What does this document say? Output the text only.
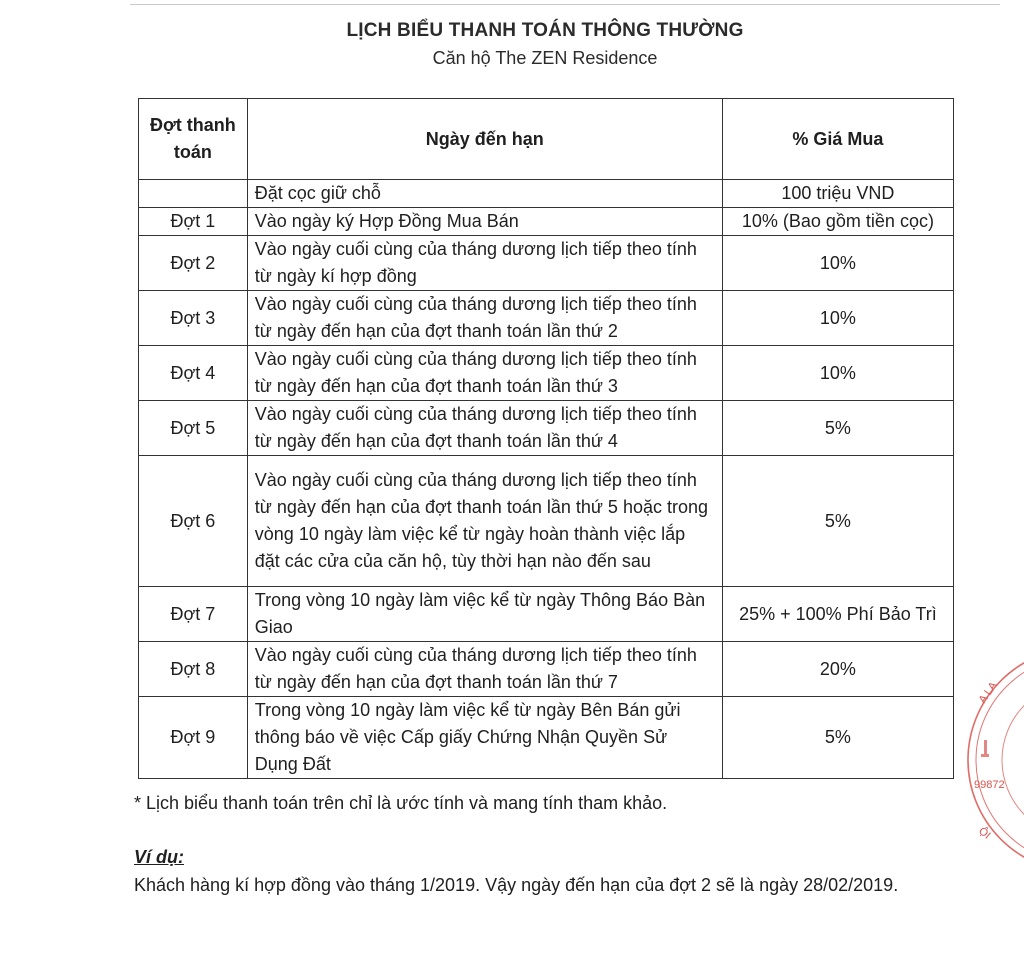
LỊCH BIỂU THANH TOÁN THÔNG THƯỜNG
Căn hộ The ZEN Residence
Đợt thanh toán	Ngày đến hạn	% Giá Mua
	Đặt cọc giữ chỗ	100 triệu VND
Đợt 1	Vào ngày ký Hợp Đồng Mua Bán	10% (Bao gồm tiền cọc)
Đợt 2	Vào ngày cuối cùng của tháng dương lịch tiếp theo tính từ ngày kí hợp đồng	10%
Đợt 3	Vào ngày cuối cùng của tháng dương lịch tiếp theo tính từ ngày đến hạn của đợt thanh toán lần thứ 2	10%
Đợt 4	Vào ngày cuối cùng của tháng dương lịch tiếp theo tính từ ngày đến hạn của đợt thanh toán lần thứ 3	10%
Đợt 5	Vào ngày cuối cùng của tháng dương lịch tiếp theo tính từ ngày đến hạn của đợt thanh toán lần thứ 4	5%
Đợt 6	Vào ngày cuối cùng của tháng dương lịch tiếp theo tính từ ngày đến hạn của đợt thanh toán lần thứ 5 hoặc trong vòng 10 ngày làm việc kể từ ngày hoàn thành việc lắp đặt các cửa của căn hộ, tùy thời hạn nào đến sau	5%
Đợt 7	Trong vòng 10 ngày làm việc kể từ ngày Thông Báo Bàn Giao	25% + 100% Phí Bảo Trì
Đợt 8	Vào ngày cuối cùng của tháng dương lịch tiếp theo tính từ ngày đến hạn của đợt thanh toán lần thứ 7	20%
Đợt 9	Trong vòng 10 ngày làm việc kể từ ngày Bên Bán gửi thông báo về việc Cấp giấy Chứng Nhận Quyền Sử Dụng Đất	5%
* Lịch biểu thanh toán trên chỉ là ước tính và mang tính tham khảo.
Ví dụ:
Khách hàng kí hợp đồng vào tháng 1/2019. Vậy ngày đến hạn của đợt 2 sẽ là ngày 28/02/2019.
A LA
99872
ỘI
